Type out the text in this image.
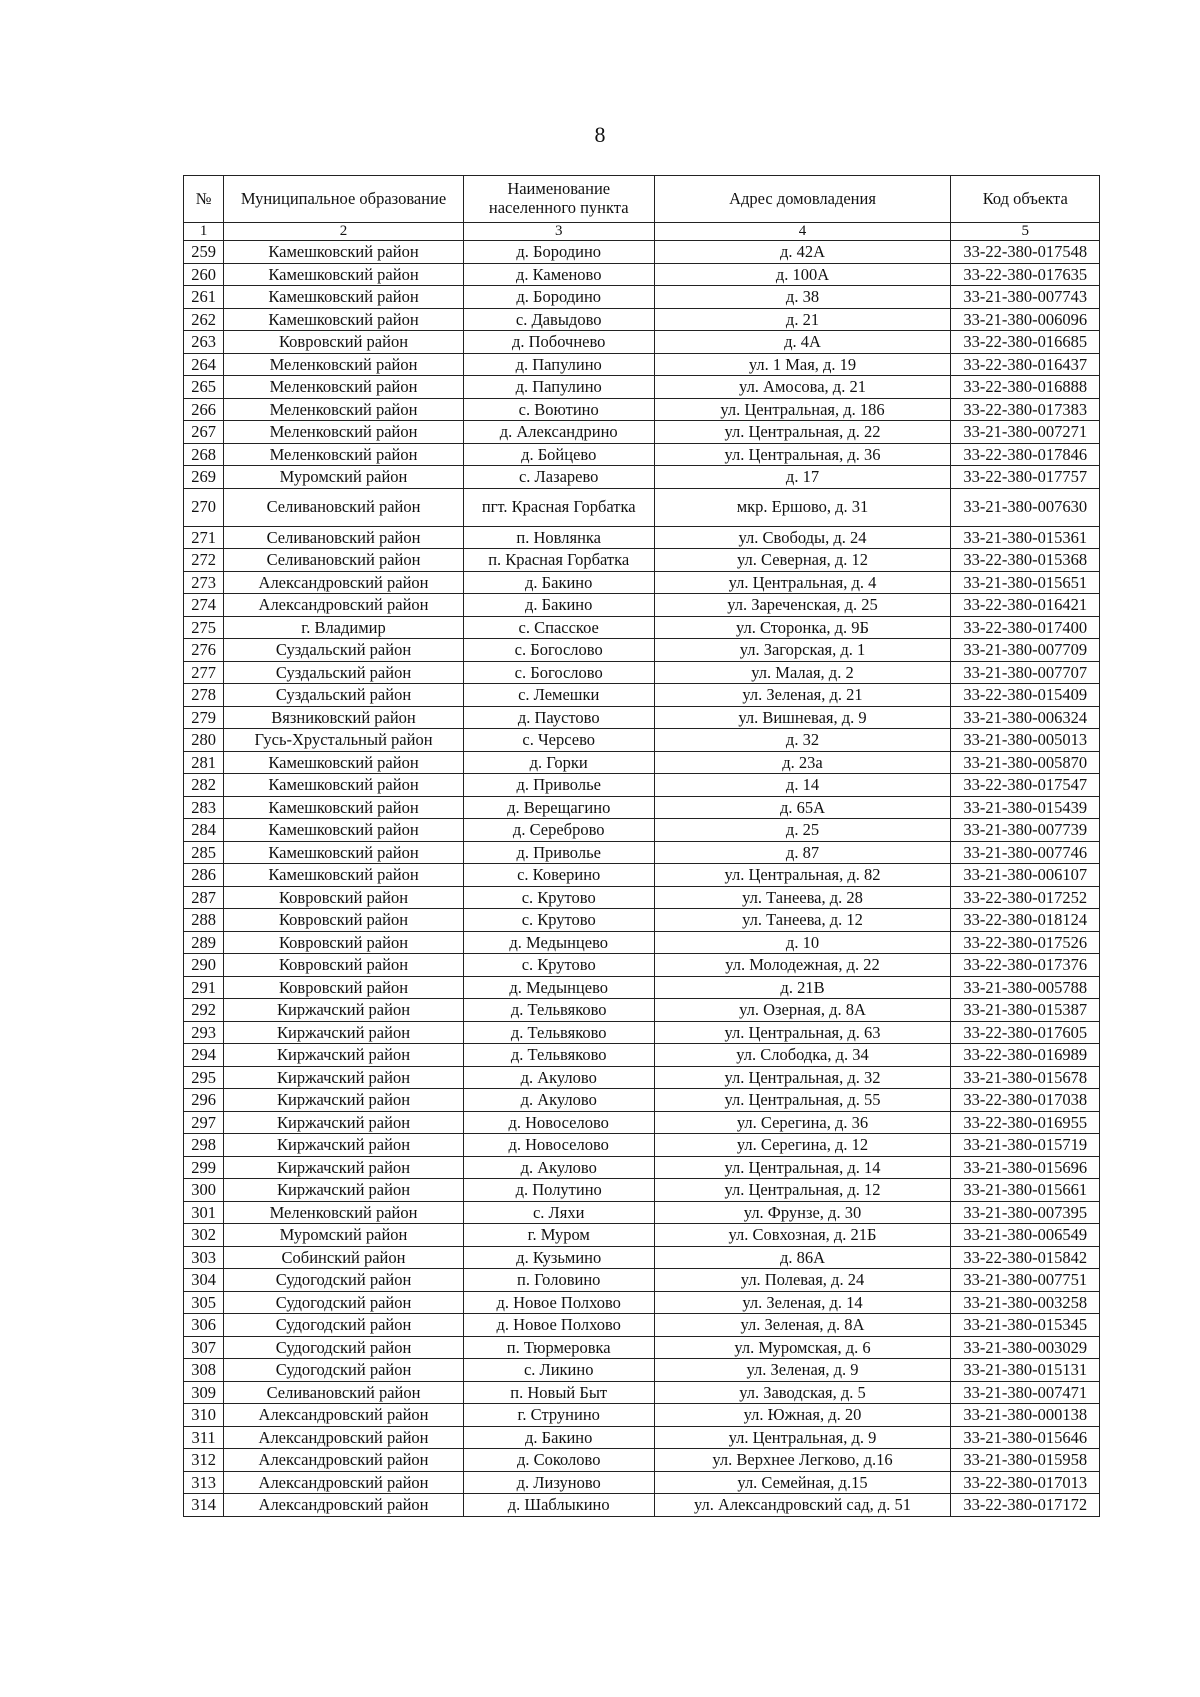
8
№	Муниципальное образование	Наименование населенного пункта	Адрес домовладения	Код объекта
1	2	3	4	5
259	Камешковский район	д. Бородино	д. 42А	33-22-380-017548
260	Камешковский район	д. Каменово	д. 100А	33-22-380-017635
261	Камешковский район	д. Бородино	д. 38	33-21-380-007743
262	Камешковский район	с. Давыдово	д. 21	33-21-380-006096
263	Ковровский район	д. Побочнево	д. 4А	33-22-380-016685
264	Меленковский район	д. Папулино	ул. 1 Мая, д. 19	33-22-380-016437
265	Меленковский район	д. Папулино	ул. Амосова, д. 21	33-22-380-016888
266	Меленковский район	с. Воютино	ул. Центральная, д. 186	33-22-380-017383
267	Меленковский район	д. Александрино	ул. Центральная, д. 22	33-21-380-007271
268	Меленковский район	д. Бойцево	ул. Центральная, д. 36	33-22-380-017846
269	Муромский район	с. Лазарево	д. 17	33-22-380-017757
270	Селивановский район	пгт. Красная Горбатка	мкр. Ершово, д. 31	33-21-380-007630
271	Селивановский район	п. Новлянка	ул. Свободы, д. 24	33-21-380-015361
272	Селивановский район	п. Красная Горбатка	ул. Северная, д. 12	33-22-380-015368
273	Александровский район	д. Бакино	ул. Центральная, д. 4	33-21-380-015651
274	Александровский район	д. Бакино	ул. Зареченская, д. 25	33-22-380-016421
275	г. Владимир	с. Спасское	ул. Сторонка, д. 9Б	33-22-380-017400
276	Суздальский район	с. Богослово	ул. Загорская, д. 1	33-21-380-007709
277	Суздальский район	с. Богослово	ул. Малая, д. 2	33-21-380-007707
278	Суздальский район	с. Лемешки	ул. Зеленая, д. 21	33-22-380-015409
279	Вязниковский район	д. Паустово	ул. Вишневая, д. 9	33-21-380-006324
280	Гусь-Хрустальный район	с. Черсево	д. 32	33-21-380-005013
281	Камешковский район	д. Горки	д. 23а	33-21-380-005870
282	Камешковский район	д. Приволье	д. 14	33-22-380-017547
283	Камешковский район	д. Верещагино	д. 65А	33-21-380-015439
284	Камешковский район	д. Сереброво	д. 25	33-21-380-007739
285	Камешковский район	д. Приволье	д. 87	33-21-380-007746
286	Камешковский район	с. Коверино	ул. Центральная, д. 82	33-21-380-006107
287	Ковровский район	с. Крутово	ул. Танеева, д. 28	33-22-380-017252
288	Ковровский район	с. Крутово	ул. Танеева, д. 12	33-22-380-018124
289	Ковровский район	д. Медынцево	д. 10	33-22-380-017526
290	Ковровский район	с. Крутово	ул. Молодежная, д. 22	33-22-380-017376
291	Ковровский район	д. Медынцево	д. 21В	33-21-380-005788
292	Киржачский район	д. Тельвяково	ул. Озерная, д. 8А	33-21-380-015387
293	Киржачский район	д. Тельвяково	ул. Центральная, д. 63	33-22-380-017605
294	Киржачский район	д. Тельвяково	ул. Слободка, д. 34	33-22-380-016989
295	Киржачский район	д. Акулово	ул. Центральная, д. 32	33-21-380-015678
296	Киржачский район	д. Акулово	ул. Центральная, д. 55	33-22-380-017038
297	Киржачский район	д. Новоселово	ул. Серегина, д. 36	33-22-380-016955
298	Киржачский район	д. Новоселово	ул. Серегина, д. 12	33-21-380-015719
299	Киржачский район	д. Акулово	ул. Центральная, д. 14	33-21-380-015696
300	Киржачский район	д. Полутино	ул. Центральная, д. 12	33-21-380-015661
301	Меленковский район	с. Ляхи	ул. Фрунзе, д. 30	33-21-380-007395
302	Муромский район	г. Муром	ул. Совхозная, д. 21Б	33-21-380-006549
303	Собинский район	д. Кузьмино	д. 86А	33-22-380-015842
304	Судогодский район	п. Головино	ул. Полевая, д. 24	33-21-380-007751
305	Судогодский район	д. Новое Полхово	ул. Зеленая, д. 14	33-21-380-003258
306	Судогодский район	д. Новое Полхово	ул. Зеленая, д. 8А	33-21-380-015345
307	Судогодский район	п. Тюрмеровка	ул. Муромская, д. 6	33-21-380-003029
308	Судогодский район	с. Ликино	ул. Зеленая, д. 9	33-21-380-015131
309	Селивановский район	п. Новый Быт	ул. Заводская, д. 5	33-21-380-007471
310	Александровский район	г. Струнино	ул. Южная, д. 20	33-21-380-000138
311	Александровский район	д. Бакино	ул. Центральная, д. 9	33-21-380-015646
312	Александровский район	д. Соколово	ул. Верхнее Легково, д.16	33-21-380-015958
313	Александровский район	д. Лизуново	ул. Семейная, д.15	33-22-380-017013
314	Александровский район	д. Шаблыкино	ул. Александровский сад, д. 51	33-22-380-017172
